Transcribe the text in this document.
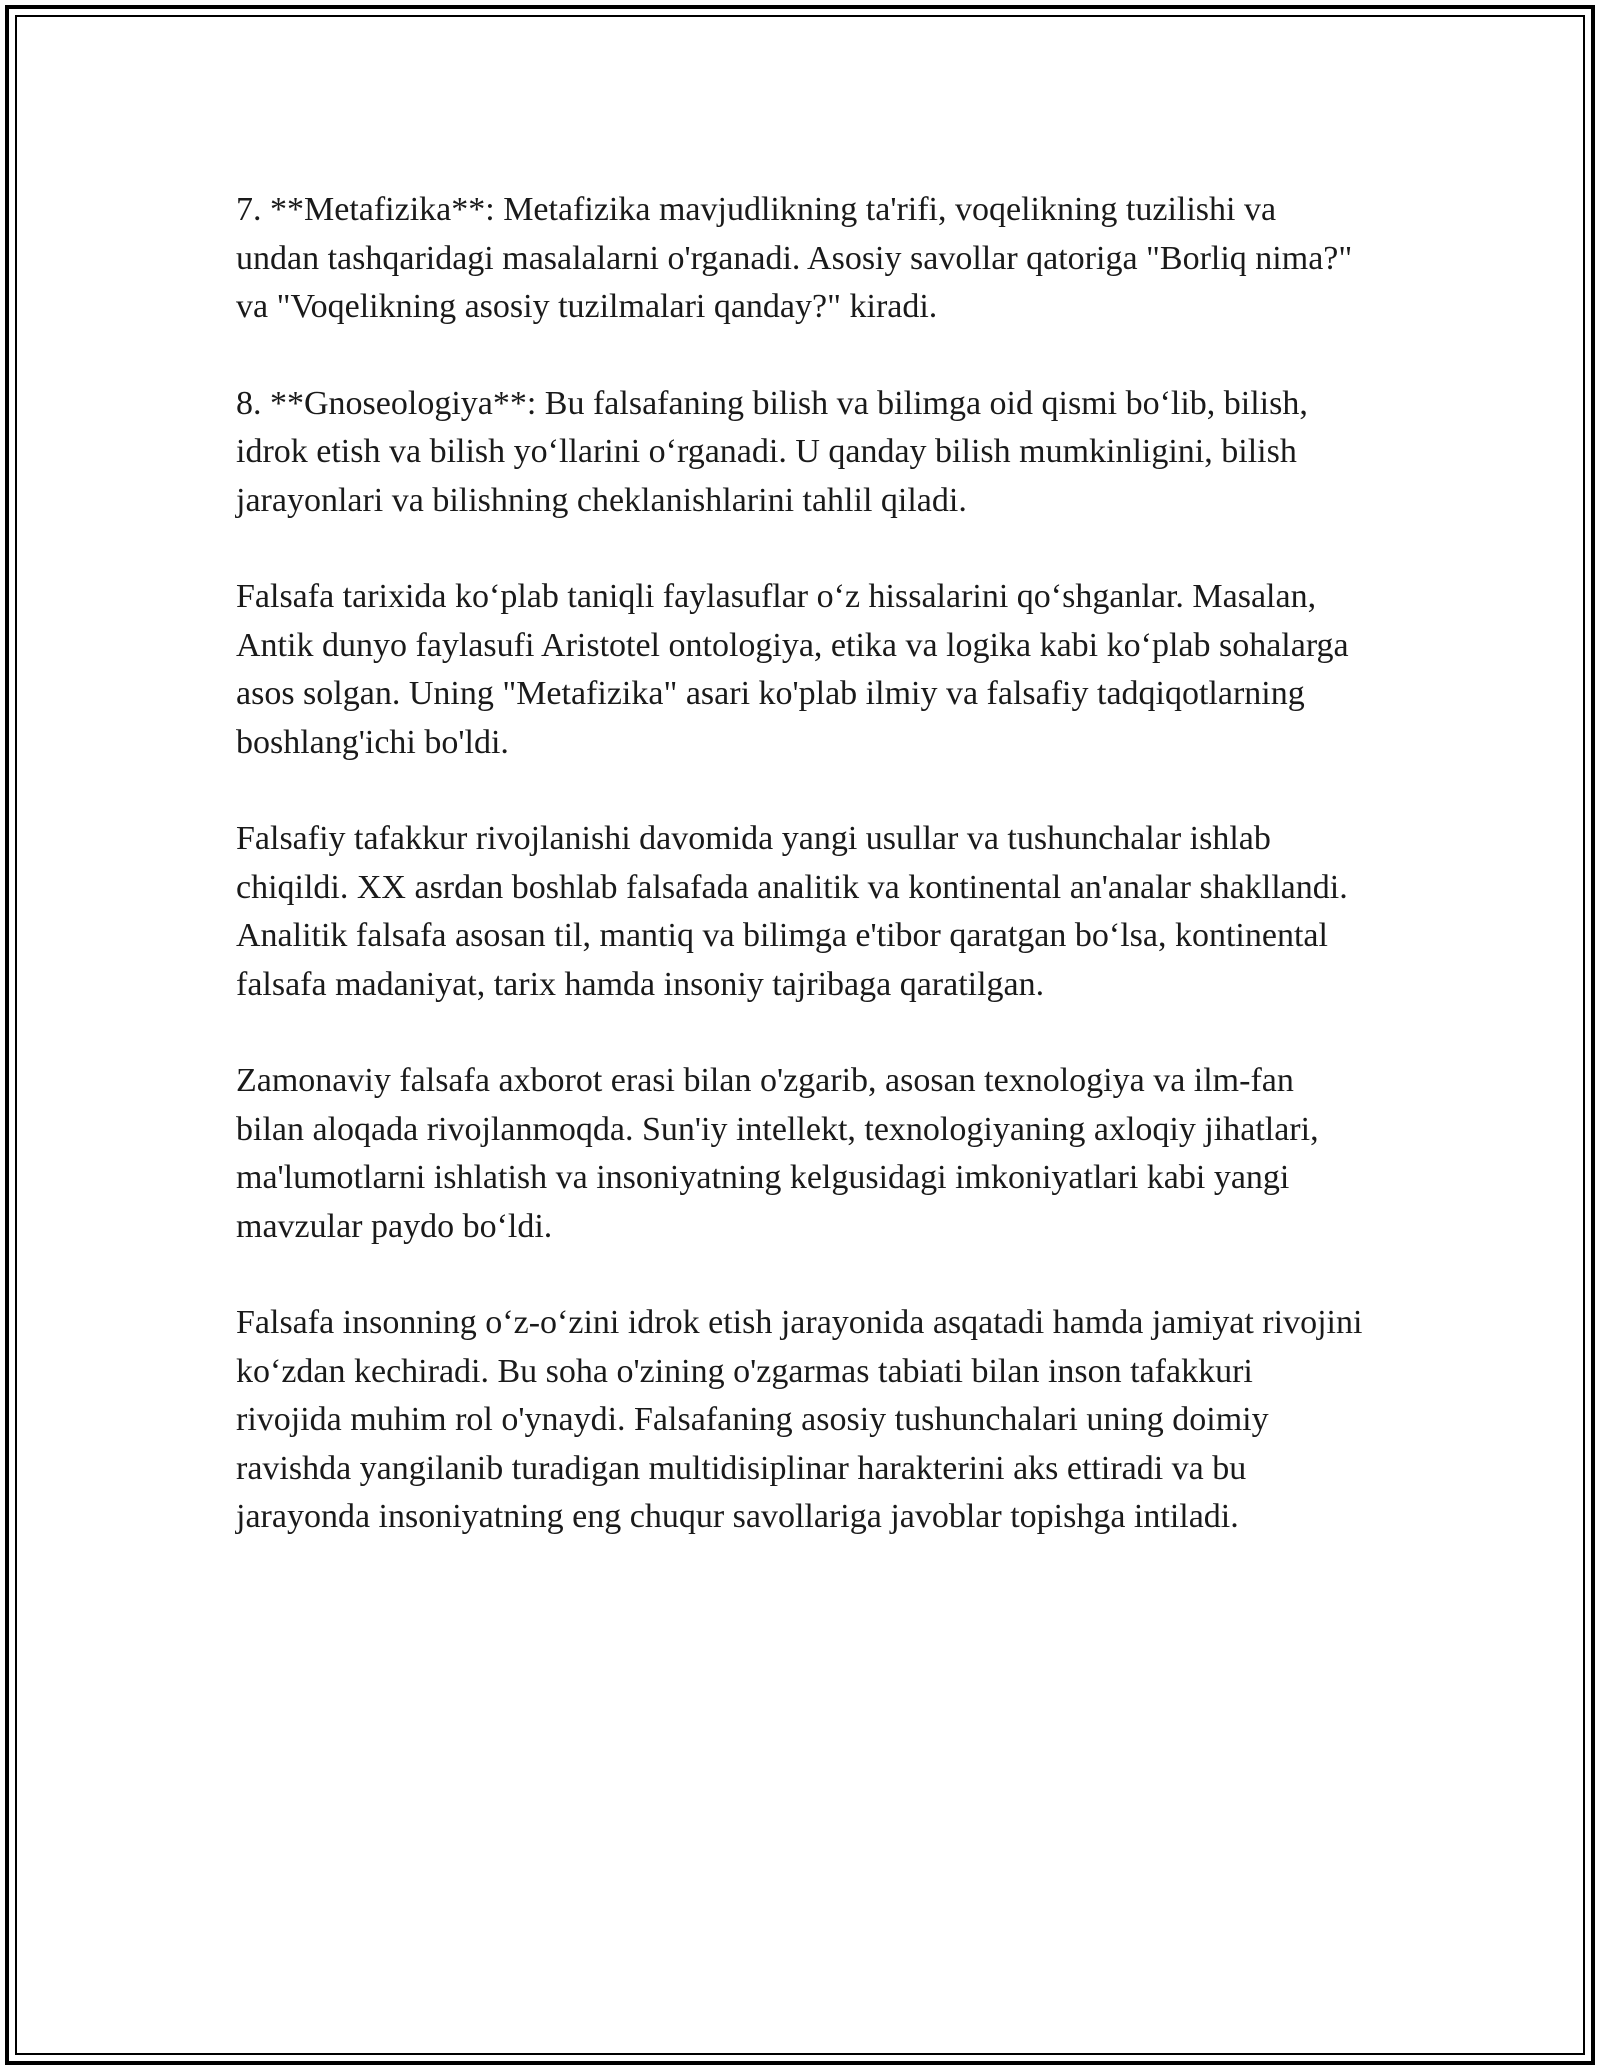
7. **Metafizika**: Metafizika mavjudlikning ta'rifi, voqelikning tuzilishi va undan tashqaridagi masalalarni o'rganadi. Asosiy savollar qatoriga "Borliq nima?" va "Voqelikning asosiy tuzilmalari qanday?" kiradi.

8. **Gnoseologiya**: Bu falsafaning bilish va bilimga oid qismi bo‘lib, bilish, idrok etish va bilish yo‘llarini o‘rganadi. U qanday bilish mumkinligini, bilish jarayonlari va bilishning cheklanishlarini tahlil qiladi.

Falsafa tarixida ko‘plab taniqli faylasuflar o‘z hissalarini qo‘shganlar. Masalan, Antik dunyo faylasufi Aristotel ontologiya, etika va logika kabi ko‘plab sohalarga asos solgan. Uning "Metafizika" asari ko'plab ilmiy va falsafiy tadqiqotlarning boshlang'ichi bo'ldi.

Falsafiy tafakkur rivojlanishi davomida yangi usullar va tushunchalar ishlab chiqildi. XX asrdan boshlab falsafada analitik va kontinental an'analar shakllandi. Analitik falsafa asosan til, mantiq va bilimga e'tibor qaratgan bo‘lsa, kontinental falsafa madaniyat, tarix hamda insoniy tajribaga qaratilgan.

Zamonaviy falsafa axborot erasi bilan o'zgarib, asosan texnologiya va ilm-fan bilan aloqada rivojlanmoqda. Sun'iy intellekt, texnologiyaning axloqiy jihatlari, ma'lumotlarni ishlatish va insoniyatning kelgusidagi imkoniyatlari kabi yangi mavzular paydo bo‘ldi.

Falsafa insonning o‘z-o‘zini idrok etish jarayonida asqatadi hamda jamiyat rivojini ko‘zdan kechiradi. Bu soha o'zining o'zgarmas tabiati bilan inson tafakkuri rivojida muhim rol o'ynaydi. Falsafaning asosiy tushunchalari uning doimiy ravishda yangilanib turadigan multidisiplinar harakterini aks ettiradi va bu jarayonda insoniyatning eng chuqur savollariga javoblar topishga intiladi.
